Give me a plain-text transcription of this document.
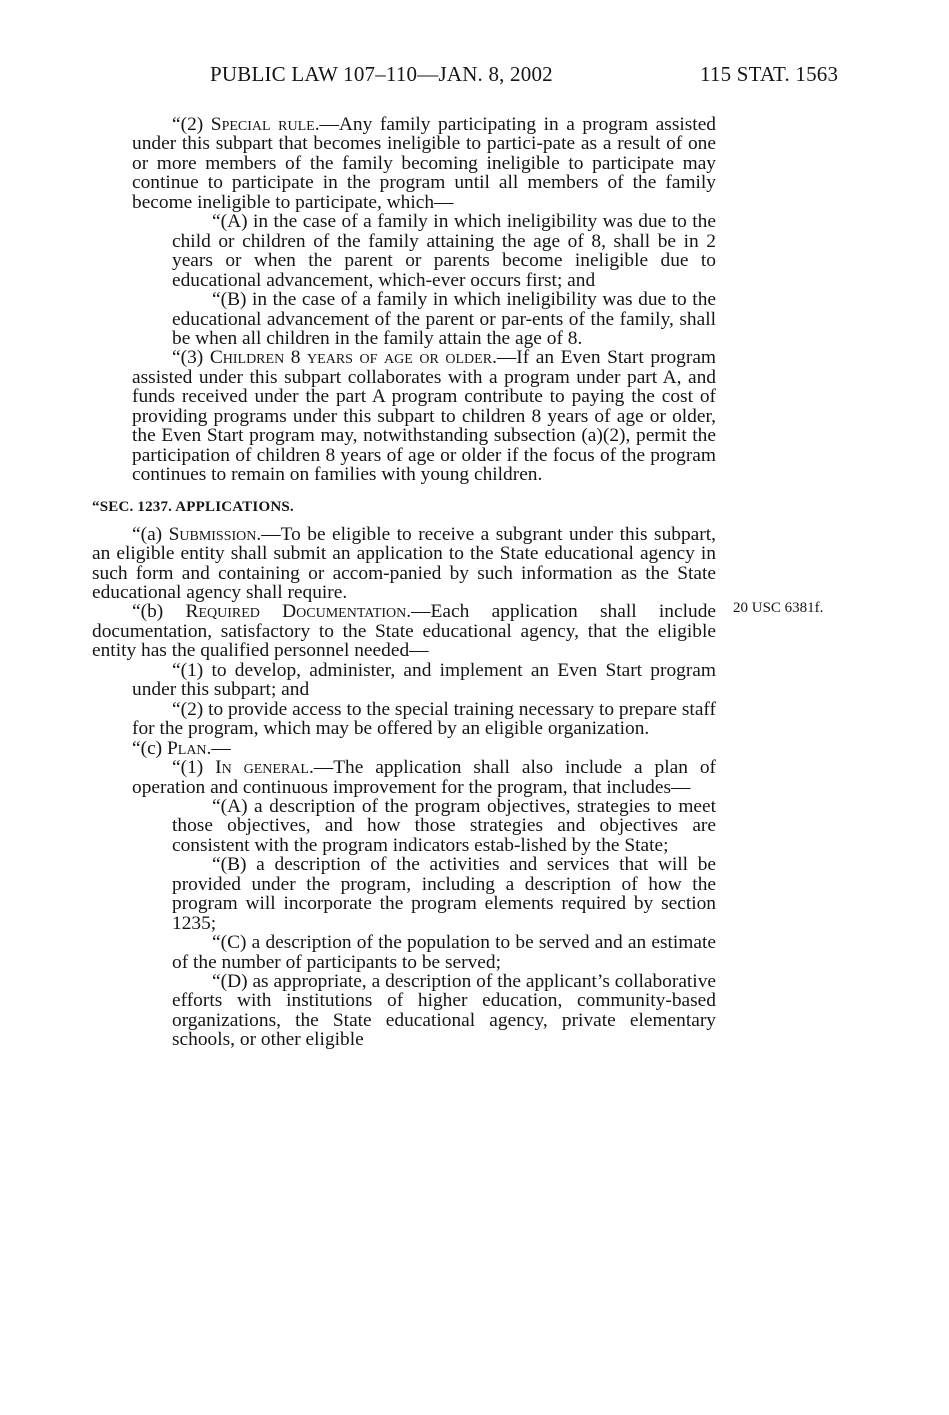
PUBLIC LAW 107–110—JAN. 8, 2002	115 STAT. 1563
20 USC 6381f.

“(2) Special rule.—Any family participating in a program assisted under this subpart that becomes ineligible to partici-pate as a result of one or more members of the family becoming ineligible to participate may continue to participate in the program until all members of the family become ineligible to participate, which—

“(A) in the case of a family in which ineligibility was due to the child or children of the family attaining the age of 8, shall be in 2 years or when the parent or parents become ineligible due to educational advancement, which-ever occurs first; and

“(B) in the case of a family in which ineligibility was due to the educational advancement of the parent or par-ents of the family, shall be when all children in the family attain the age of 8.

“(3) Children 8 years of age or older.—If an Even Start program assisted under this subpart collaborates with a program under part A, and funds received under the part A program contribute to paying the cost of providing programs under this subpart to children 8 years of age or older, the Even Start program may, notwithstanding subsection (a)(2), permit the participation of children 8 years of age or older if the focus of the program continues to remain on families with young children.

“SEC. 1237. APPLICATIONS.

“(a) Submission.—To be eligible to receive a subgrant under this subpart, an eligible entity shall submit an application to the State educational agency in such form and containing or accom-panied by such information as the State educational agency shall require.

“(b) Required Documentation.—Each application shall include documentation, satisfactory to the State educational agency, that the eligible entity has the qualified personnel needed—

“(1) to develop, administer, and implement an Even Start program under this subpart; and

“(2) to provide access to the special training necessary to prepare staff for the program, which may be offered by an eligible organization.

“(c) Plan.—

“(1) In general.—The application shall also include a plan of operation and continuous improvement for the program, that includes—

“(A) a description of the program objectives, strategies to meet those objectives, and how those strategies and objectives are consistent with the program indicators estab-lished by the State;

“(B) a description of the activities and services that will be provided under the program, including a description of how the program will incorporate the program elements required by section 1235;

“(C) a description of the population to be served and an estimate of the number of participants to be served;

“(D) as appropriate, a description of the applicant’s collaborative efforts with institutions of higher education, community-based organizations, the State educational agency, private elementary schools, or other eligible
